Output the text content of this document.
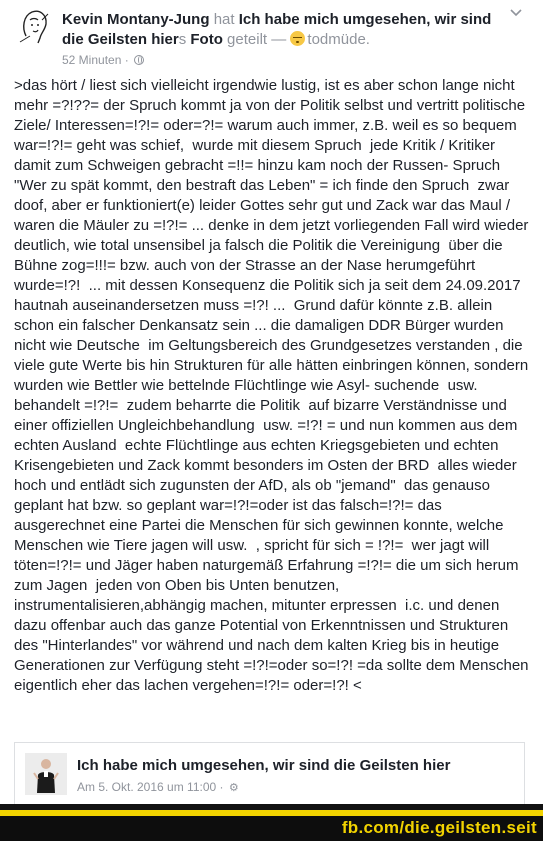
Kevin Montany-Jung hat Ich habe mich umgesehen, wir sind die Geilsten hiers Foto geteilt — todmüde.
52 Minuten ·
>das hört / liest sich vielleicht irgendwie lustig, ist es aber schon lange nicht mehr =?!??= der Spruch kommt ja von der Politik selbst und vertritt politische Ziele/ Interessen=!?!= oder=?!= warum auch immer, z.B. weil es so bequem war=!?!= geht was schief,  wurde mit diesem Spruch  jede Kritik / Kritiker damit zum Schweigen gebracht =!!= hinzu kam noch der Russen- Spruch "Wer zu spät kommt, den bestraft das Leben" = ich finde den Spruch  zwar doof, aber er funktioniert(e) leider Gottes sehr gut und Zack war das Maul /  waren die Mäuler zu =!?!= ... denke in dem jetzt vorliegenden Fall wird wieder deutlich, wie total unsensibel ja falsch die Politik die Vereinigung  über die Bühne zog=!!!= bzw. auch von der Strasse an der Nase herumgeführt wurde=!?!  ... mit dessen Konsequenz die Politik sich ja seit dem 24.09.2017  hautnah auseinandersetzen muss =!?! ...  Grund dafür könnte z.B. allein schon ein falscher Denkansatz sein ... die damaligen DDR Bürger wurden nicht wie Deutsche  im Geltungsbereich des Grundgesetzes verstanden , die viele gute Werte bis hin Strukturen für alle hätten einbringen können, sondern wurden wie Bettler wie bettelnde Flüchtlinge wie Asyl- suchende  usw. behandelt =!?!=  zudem beharrte die Politik  auf bizarre Verständnisse und  einer offiziellen Ungleichbehandlung  usw. =!?! = und nun kommen aus dem echten Ausland  echte Flüchtlinge aus echten Kriegsgebieten und echten Krisengebieten und Zack kommt besonders im Osten der BRD  alles wieder hoch und entlädt sich zugunsten der AfD, als ob "jemand"  das genauso geplant hat bzw. so geplant war=!?!=oder ist das falsch=!?!= das ausgerechnet eine Partei die Menschen für sich gewinnen konnte, welche Menschen wie Tiere jagen will usw.  , spricht für sich = !?!=  wer jagt will töten=!?!= und Jäger haben naturgemäß Erfahrung =!?!= die um sich herum  zum Jagen  jeden von Oben bis Unten benutzen, instrumentalisieren,abhängig machen, mitunter erpressen  i.c. und denen dazu offenbar auch das ganze Potential von Erkenntnissen und Strukturen des "Hinterlandes" vor während und nach dem kalten Krieg bis in heutige Generationen zur Verfügung steht =!?!=oder so=!?! =da sollte dem Menschen eigentlich eher das lachen vergehen=!?!= oder=!?! <
Ich habe mich umgesehen, wir sind die Geilsten hier
Am 5. Okt. 2016 um 11:00 · ⚙
fb.com/die.geilsten.seit
